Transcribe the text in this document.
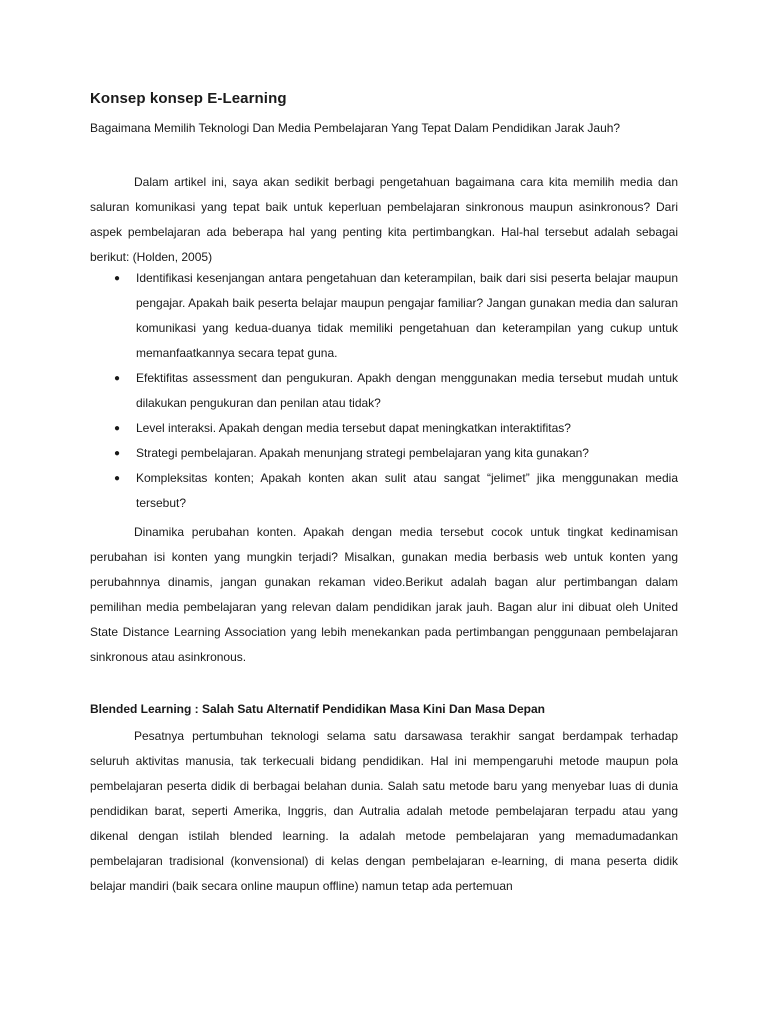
Konsep konsep E-Learning

Bagaimana Memilih Teknologi Dan Media Pembelajaran Yang Tepat Dalam Pendidikan Jarak Jauh?

Dalam artikel ini, saya akan sedikit berbagi pengetahuan bagaimana cara kita memilih media dan saluran komunikasi yang tepat baik untuk keperluan pembelajaran sinkronous maupun asinkronous? Dari aspek pembelajaran ada beberapa hal yang penting kita pertimbangkan. Hal-hal tersebut adalah sebagai berikut: (Holden, 2005)

● Identifikasi kesenjangan antara pengetahuan dan keterampilan, baik dari sisi peserta belajar maupun pengajar. Apakah baik peserta belajar maupun pengajar familiar? Jangan gunakan media dan saluran komunikasi yang kedua-duanya tidak memiliki pengetahuan dan keterampilan yang cukup untuk memanfaatkannya secara tepat guna.
● Efektifitas assessment dan pengukuran. Apakh dengan menggunakan media tersebut mudah untuk dilakukan pengukuran dan penilan atau tidak?
● Level interaksi. Apakah dengan media tersebut dapat meningkatkan interaktifitas?
● Strategi pembelajaran. Apakah menunjang strategi pembelajaran yang kita gunakan?
● Kompleksitas konten; Apakah konten akan sulit atau sangat “jelimet” jika menggunakan media tersebut?

Dinamika perubahan konten. Apakah dengan media tersebut cocok untuk tingkat kedinamisan perubahan isi konten yang mungkin terjadi? Misalkan, gunakan media berbasis web untuk konten yang perubahnnya dinamis, jangan gunakan rekaman video.Berikut adalah bagan alur pertimbangan dalam pemilihan media pembelajaran yang relevan dalam pendidikan jarak jauh. Bagan alur ini dibuat oleh United State Distance Learning Association yang lebih menekankan pada pertimbangan penggunaan pembelajaran sinkronous atau asinkronous.

Blended Learning : Salah Satu Alternatif Pendidikan Masa Kini Dan Masa Depan

Pesatnya pertumbuhan teknologi selama satu darsawasa terakhir sangat berdampak terhadap seluruh aktivitas manusia, tak terkecuali bidang pendidikan. Hal ini mempengaruhi metode maupun pola pembelajaran peserta didik di berbagai belahan dunia. Salah satu metode baru yang menyebar luas di dunia pendidikan barat, seperti Amerika, Inggris, dan Autralia adalah metode pembelajaran terpadu atau yang dikenal dengan istilah blended learning. Ia adalah metode pembelajaran yang memadumadankan pembelajaran tradisional (konvensional) di kelas dengan pembelajaran e-learning, di mana peserta didik belajar mandiri (baik secara online maupun offline) namun tetap ada pertemuan
